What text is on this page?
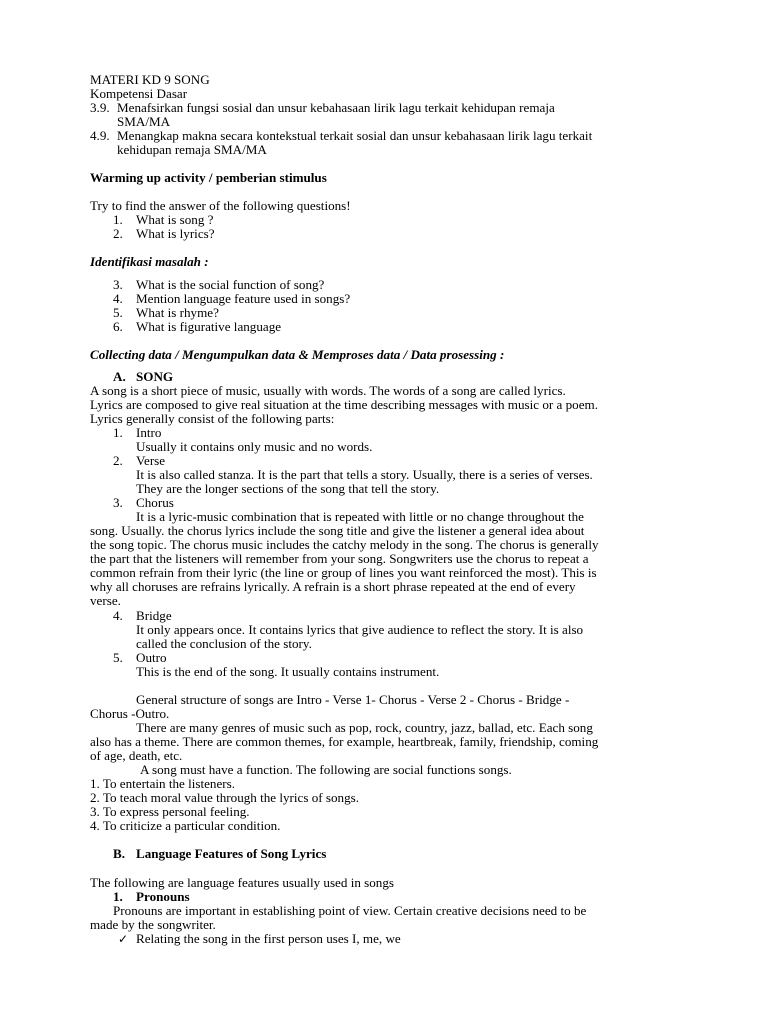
MATERI KD 9 SONG
Kompetensi Dasar
3.9. Menafsirkan fungsi sosial dan unsur kebahasaan lirik lagu terkait kehidupan remaja
SMA/MA
4.9. Menangkap makna secara kontekstual terkait sosial dan unsur kebahasaan lirik lagu terkait
kehidupan remaja SMA/MA
Warming up activity / pemberian stimulus
Try to find the answer of the following questions!
1. What is song ?
2. What is lyrics?
Identifikasi masalah :
3. What is the social function of song?
4. Mention language feature used in songs?
5. What is rhyme?
6. What is figurative language
Collecting data / Mengumpulkan data & Memproses data / Data prosessing :
A. SONG
A song is a short piece of music, usually with words. The words of a song are called lyrics.
Lyrics are composed to give real situation at the time describing messages with music or a poem.
Lyrics generally consist of the following parts:
1. Intro
Usually it contains only music and no words.
2. Verse
It is also called stanza. It is the part that tells a story. Usually, there is a series of verses.
They are the longer sections of the song that tell the story.
3. Chorus
It is a lyric-music combination that is repeated with little or no change throughout the
song. Usually. the chorus lyrics include the song title and give the listener a general idea about
the song topic. The chorus music includes the catchy melody in the song. The chorus is generally
the part that the listeners will remember from your song. Songwriters use the chorus to repeat a
common refrain from their lyric (the line or group of lines you want reinforced the most). This is
why all choruses are refrains lyrically. A refrain is a short phrase repeated at the end of every
verse.
4. Bridge
It only appears once. It contains lyrics that give audience to reflect the story. It is also
called the conclusion of the story.
5. Outro
This is the end of the song. It usually contains instrument.
General structure of songs are Intro - Verse 1- Chorus - Verse 2 - Chorus - Bridge -
Chorus -Outro.
There are many genres of music such as pop, rock, country, jazz, ballad, etc. Each song
also has a theme. There are common themes, for example, heartbreak, family, friendship, coming
of age, death, etc.
A song must have a function. The following are social functions songs.
1. To entertain the listeners.
2. To teach moral value through the lyrics of songs.
3. To express personal feeling.
4. To criticize a particular condition.
B. Language Features of Song Lyrics
The following are language features usually used in songs
1. Pronouns
Pronouns are important in establishing point of view. Certain creative decisions need to be
made by the songwriter.
✓ Relating the song in the first person uses I, me, we
